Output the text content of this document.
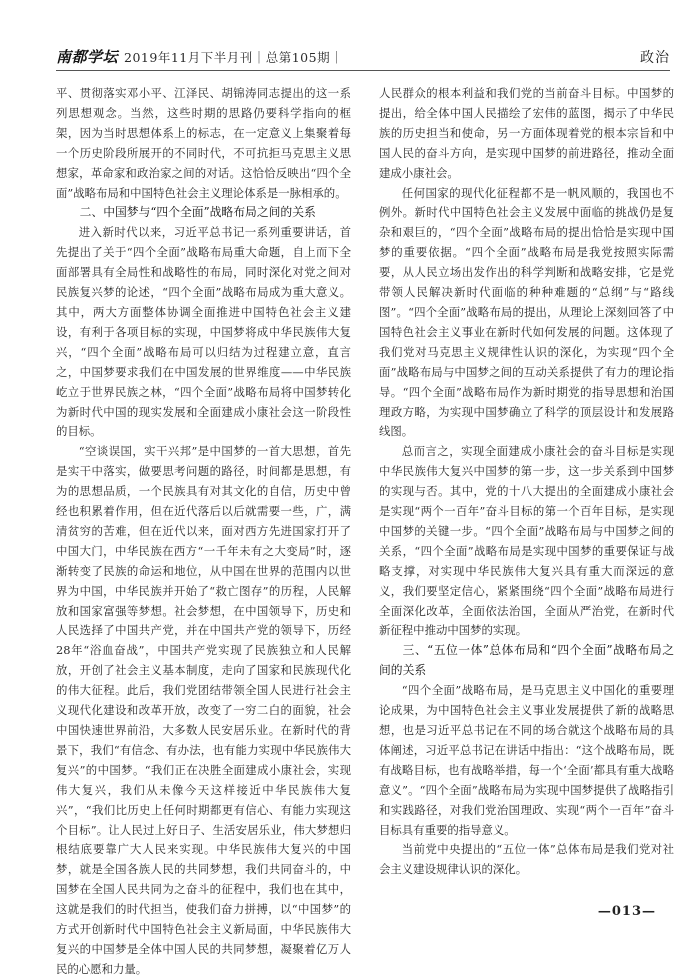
南都学坛 2019年11月下半月刊｜总第105期｜	政治

平、贯彻落实邓小平、江泽民、胡锦涛同志提出的这一系列思想观念。当然，这些时期的思路仍要科学指向的框架，因为当时思想体系上的标志，在一定意义上集聚着每一个历史阶段所展开的不同时代，不可抗拒马克思主义思想家，革命家和政治家之间的对话。这恰恰反映出“四个全面”战略布局和中国特色社会主义理论体系是一脉相承的。

二、中国梦与“四个全面”战略布局之间的关系

进入新时代以来，习近平总书记一系列重要讲话，首先提出了关于“四个全面”战略布局重大命题，自上而下全面部署具有全局性和战略性的布局，同时深化对党之间对民族复兴梦的论述，“四个全面”战略布局成为重大意义。其中，两大方面整体协调全面推进中国特色社会主义建设，有利于各项目标的实现，中国梦将成中华民族伟大复兴，“四个全面”战略布局可以归结为过程建立意，直言之，中国梦要求我们在中国发展的世界维度——中华民族屹立于世界民族之林，“四个全面”战略布局将中国梦转化为新时代中国的现实发展和全面建成小康社会这一阶段性的目标。

“空谈误国，实干兴邦”是中国梦的一首大思想，首先是实干中落实，做要思考问题的路径，时间都是思想，有为的思想品质，一个民族具有对其文化的自信，历史中曾经也积累着作用，但在近代落后以后就需要一些，广，满清贫穷的苦难，但在近代以来，面对西方先进国家打开了中国大门，中华民族在西方“一千年未有之大变局”时，逐渐转变了民族的命运和地位，从中国在世界的范围内以世界为中国，中华民族并开始了“救亡图存”的历程，人民解放和国家富强等梦想。社会梦想，在中国领导下，历史和人民选择了中国共产党，并在中国共产党的领导下，历经28年“浴血奋战”，中国共产党实现了民族独立和人民解放，开创了社会主义基本制度，走向了国家和民族现代化的伟大征程。此后，我们党团结带领全国人民进行社会主义现代化建设和改革开放，改变了一穷二白的面貌，社会中国快速世界前沿，大多数人民安居乐业。在新时代的背景下，我们“有信念、有办法，也有能力实现中华民族伟大复兴”的中国梦。“我们正在决胜全面建成小康社会，实现伟大复兴，我们从未像今天这样接近中华民族伟大复兴”，“我们比历史上任何时期都更有信心、有能力实现这个目标”。让人民过上好日子、生活安居乐业，伟大梦想归根结底要靠广大人民来实现。中华民族伟大复兴的中国梦，就是全国各族人民的共同梦想，我们共同奋斗的，中国梦在全国人民共同为之奋斗的征程中，我们也在其中，这就是我们的时代担当，使我们奋力拼搏，以“中国梦”的方式开创新时代中国特色社会主义新局面，中华民族伟大复兴的中国梦是全体中国人民的共同梦想，凝聚着亿万人民的心愿和力量。

人民群众的根本利益和我们党的当前奋斗目标。中国梦的提出，给全体中国人民描绘了宏伟的蓝图，揭示了中华民族的历史担当和使命，另一方面体现着党的根本宗旨和中国人民的奋斗方向，是实现中国梦的前进路径，推动全面建成小康社会。

任何国家的现代化征程都不是一帆风顺的，我国也不例外。新时代中国特色社会主义发展中面临的挑战仍是复杂和艰巨的，“四个全面”战略布局的提出恰恰是实现中国梦的重要依据。“四个全面”战略布局是我党按照实际需要，从人民立场出发作出的科学判断和战略安排，它是党带领人民解决新时代面临的种种难题的“总纲”与“路线图”。“四个全面”战略布局的提出，从理论上深刻回答了中国特色社会主义事业在新时代如何发展的问题。这体现了我们党对马克思主义规律性认识的深化，为实现“四个全面”战略布局与中国梦之间的互动关系提供了有力的理论指导。“四个全面”战略布局作为新时期党的指导思想和治国理政方略，为实现中国梦确立了科学的顶层设计和发展路线图。

总而言之，实现全面建成小康社会的奋斗目标是实现中华民族伟大复兴中国梦的第一步，这一步关系到中国梦的实现与否。其中，党的十八大提出的全面建成小康社会是实现“两个一百年”奋斗目标的第一个百年目标，是实现中国梦的关键一步。“四个全面”战略布局与中国梦之间的关系，“四个全面”战略布局是实现中国梦的重要保证与战略支撑，对实现中华民族伟大复兴具有重大而深远的意义，我们要坚定信心，紧紧围绕“四个全面”战略布局进行全面深化改革，全面依法治国，全面从严治党，在新时代新征程中推动中国梦的实现。

三、“五位一体”总体布局和“四个全面”战略布局之间的关系

“四个全面”战略布局，是马克思主义中国化的重要理论成果，为中国特色社会主义事业发展提供了新的战略思想，也是习近平总书记在不同的场合就这个战略布局的具体阐述，习近平总书记在讲话中指出：“这个战略布局，既有战略目标，也有战略举措，每一个‘全面’都具有重大战略意义”。“四个全面”战略布局为实现中国梦提供了战略指引和实践路径，对我们党治国理政、实现“两个一百年”奋斗目标具有重要的指导意义。

当前党中央提出的“五位一体”总体布局是我们党对社会主义建设规律认识的深化。

—013—
